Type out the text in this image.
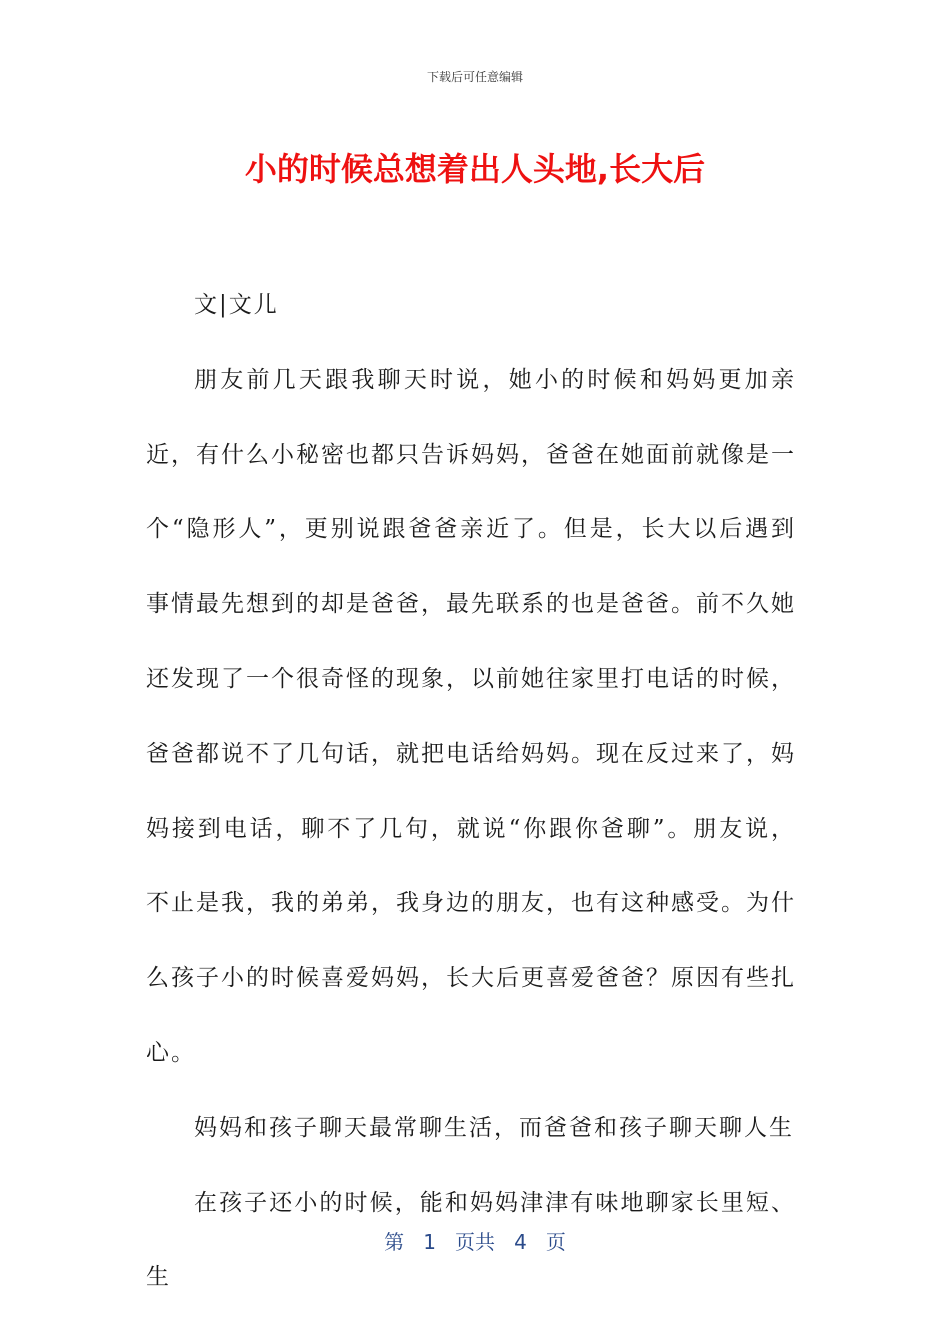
下载后可任意编辑
小的时候总想着出人头地,长大后

文|文儿

朋友前几天跟我聊天时说，她小的时候和妈妈更加亲近，有什么小秘密也都只告诉妈妈，爸爸在她面前就像是一个“隐形人”，更别说跟爸爸亲近了。但是，长大以后遇到事情最先想到的却是爸爸，最先联系的也是爸爸。前不久她还发现了一个很奇怪的现象，以前她往家里打电话的时候，爸爸都说不了几句话，就把电话给妈妈。现在反过来了，妈妈接到电话，聊不了几句，就说“你跟你爸聊”。朋友说，不止是我，我的弟弟，我身边的朋友，也有这种感受。为什么孩子小的时候喜爱妈妈，长大后更喜爱爸爸？原因有些扎心。

妈妈和孩子聊天最常聊生活，而爸爸和孩子聊天聊人生

在孩子还小的时候，能和妈妈津津有味地聊家长里短、生

第 1 页共 4 页
